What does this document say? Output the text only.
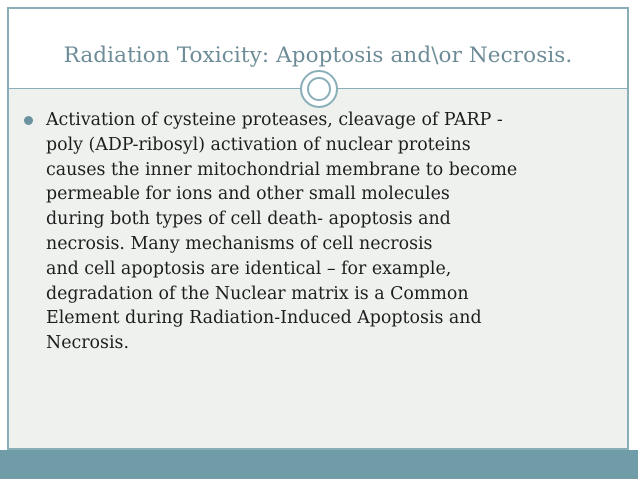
Radiation Toxicity: Apoptosis and\or Necrosis.

Activation of cysteine proteases, cleavage of PARP -

poly (ADP-ribosyl) activation of nuclear proteins

causes the inner mitochondrial membrane to become

permeable for ions and other small molecules

during both types of cell death- apoptosis and

necrosis. Many mechanisms of cell necrosis

and cell apoptosis are identical – for example,

degradation of the Nuclear matrix is a Common

Element during Radiation-Induced Apoptosis and

Necrosis.
